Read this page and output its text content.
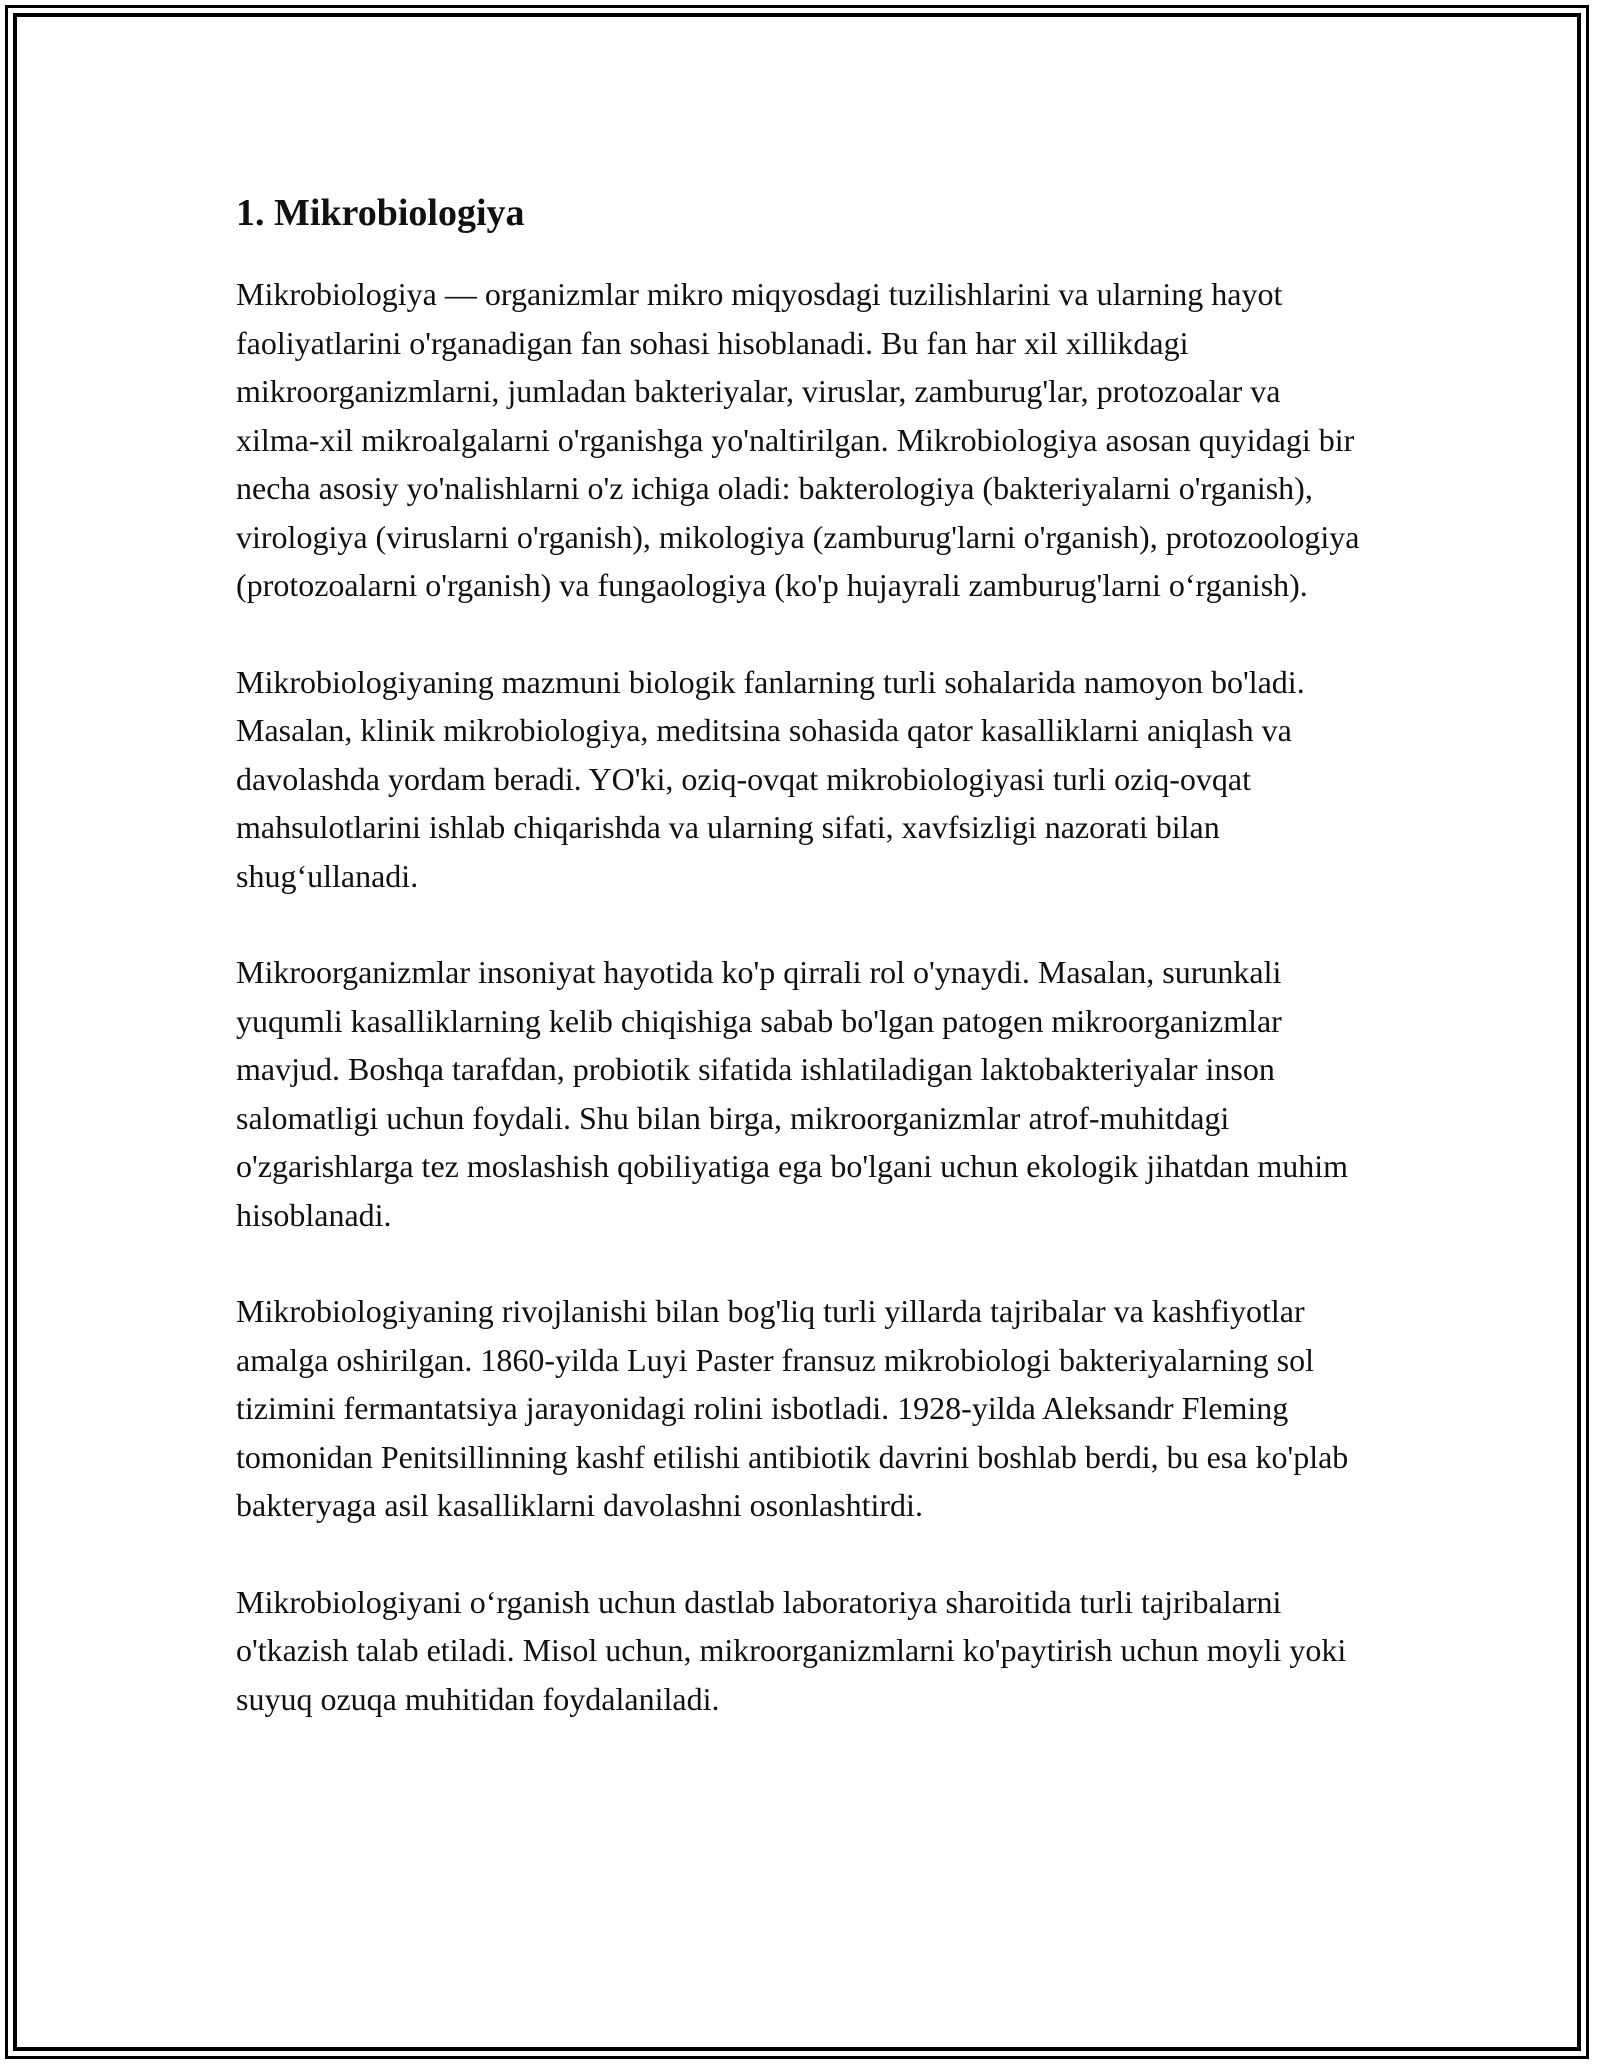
1. Mikrobiologiya

Mikrobiologiya — organizmlar mikro miqyosdagi tuzilishlarini va ularning hayot faoliyatlarini o'rganadigan fan sohasi hisoblanadi. Bu fan har xil xillikdagi mikroorganizmlarni, jumladan bakteriyalar, viruslar, zamburug'lar, protozoalar va xilma-xil mikroalgalarni o'rganishga yo'naltirilgan. Mikrobiologiya asosan quyidagi bir necha asosiy yo'nalishlarni o'z ichiga oladi: bakterologiya (bakteriyalarni o'rganish), virologiya (viruslarni o'rganish), mikologiya (zamburug'larni o'rganish), protozoologiya (protozoalarni o'rganish) va fungaologiya (ko'p hujayrali zamburug'larni o‘rganish).

Mikrobiologiyaning mazmuni biologik fanlarning turli sohalarida namoyon bo'ladi. Masalan, klinik mikrobiologiya, meditsina sohasida qator kasalliklarni aniqlash va davolashda yordam beradi. YO'ki, oziq-ovqat mikrobiologiyasi turli oziq-ovqat mahsulotlarini ishlab chiqarishda va ularning sifati, xavfsizligi nazorati bilan shug‘ullanadi.

Mikroorganizmlar insoniyat hayotida ko'p qirrali rol o'ynaydi. Masalan, surunkali yuqumli kasalliklarning kelib chiqishiga sabab bo'lgan patogen mikroorganizmlar mavjud. Boshqa tarafdan, probiotik sifatida ishlatiladigan laktobakteriyalar inson salomatligi uchun foydali. Shu bilan birga, mikroorganizmlar atrof-muhitdagi o'zgarishlarga tez moslashish qobiliyatiga ega bo'lgani uchun ekologik jihatdan muhim hisoblanadi.

Mikrobiologiyaning rivojlanishi bilan bog'liq turli yillarda tajribalar va kashfiyotlar amalga oshirilgan. 1860-yilda Luyi Paster fransuz mikrobiologi bakteriyalarning sol tizimini fermantatsiya jarayonidagi rolini isbotladi. 1928-yilda Aleksandr Fleming tomonidan Penitsillinning kashf etilishi antibiotik davrini boshlab berdi, bu esa ko'plab bakteryaga asil kasalliklarni davolashni osonlashtirdi.

Mikrobiologiyani o‘rganish uchun dastlab laboratoriya sharoitida turli tajribalarni o'tkazish talab etiladi. Misol uchun, mikroorganizmlarni ko'paytirish uchun moyli yoki suyuq ozuqa muhitidan foydalaniladi.
